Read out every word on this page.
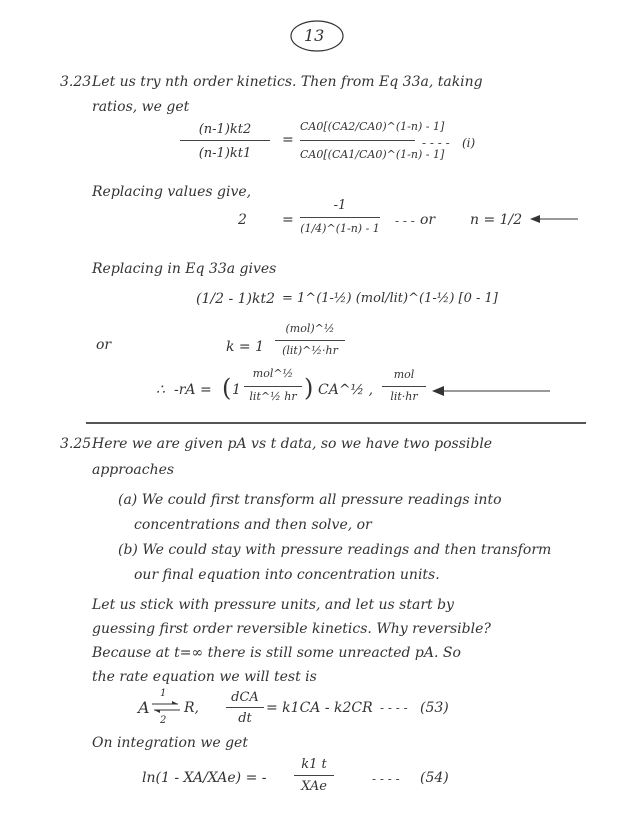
13
3.23 Let us try nth order kinetics. Then from Eq 33a, taking
ratios, we get
(n-1)kt2
(n-1)kt1
=
CA0[(CA2/CA0)^(1-n) - 1]
CA0[(CA1/CA0)^(1-n) - 1]
- - - - (i)
Replacing values give,
2	=
-1
(1/4)^(1-n) - 1
- - - or n = 1/2
Replacing in Eq 33a gives
(1/2 - 1)kt2 = 1^(1-½) (mol/lit)^(1-½) [0 - 1]
or	k = 1
(mol)^½
(lit)^½·hr
∴ -rA = ( 1
mol^½
lit^½ hr ) CA^½ ,
mol
lit·hr
3.25 Here we are given pA vs t data, so we have two possible
approaches
(a) We could first transform all pressure readings into
concentrations and then solve, or
(b) We could stay with pressure readings and then transform
our final equation into concentration units.
Let us stick with pressure units, and let us start by
guessing first order reversible kinetics. Why reversible?
Because at t=∞ there is still some unreacted pA. So
the rate equation we will test is
A
1
2
R,
dCA
dt
= k1CA - k2CR - - - - (53)
On integration we get
ln(1 - XA/XAe) = -
k1 t
XAe	- - - - (54)
